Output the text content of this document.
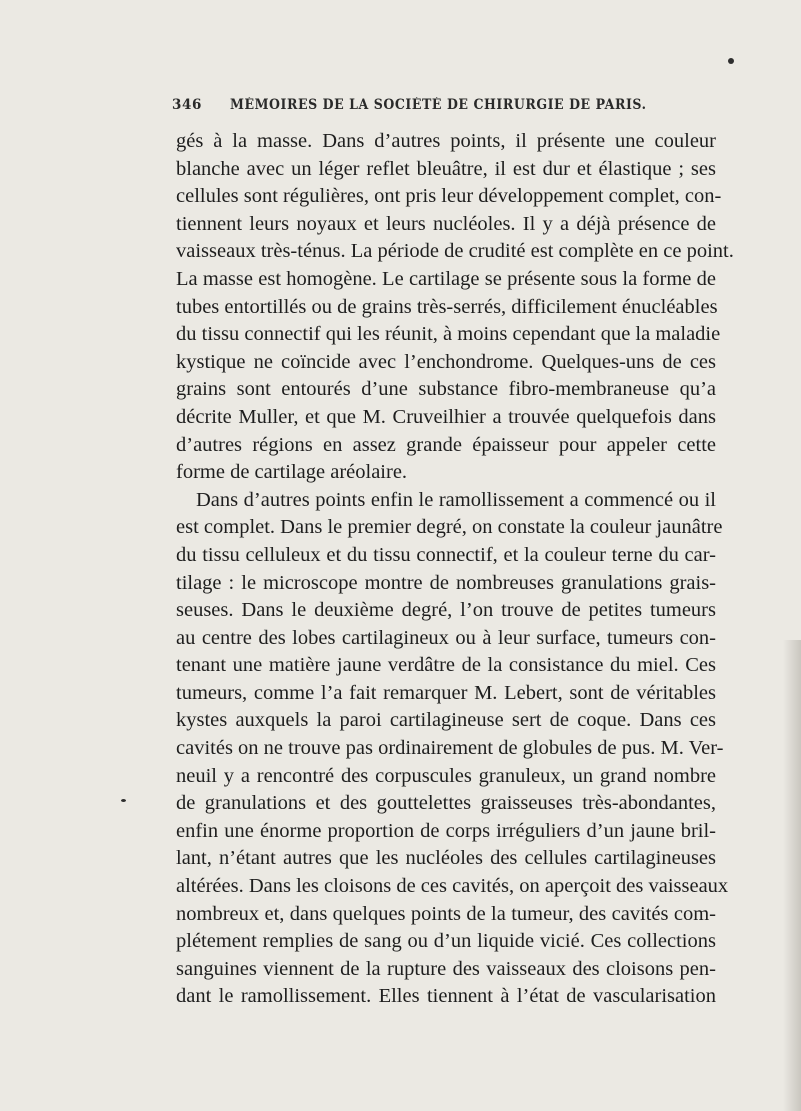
346 MÉMOIRES DE LA SOCIÉTÉ DE CHIRURGIE DE PARIS.
gés à la masse. Dans d’autres points, il présente une couleur
blanche avec un léger reflet bleuâtre, il est dur et élastique ; ses
cellules sont régulières, ont pris leur développement complet, con-
tiennent leurs noyaux et leurs nucléoles. Il y a déjà présence de
vaisseaux très-ténus. La période de crudité est complète en ce point.
La masse est homogène. Le cartilage se présente sous la forme de
tubes entortillés ou de grains très-serrés, difficilement énucléables
du tissu connectif qui les réunit, à moins cependant que la maladie
kystique ne coïncide avec l’enchondrome. Quelques-uns de ces
grains sont entourés d’une substance fibro-membraneuse qu’a
décrite Muller, et que M. Cruveilhier a trouvée quelquefois dans
d’autres régions en assez grande épaisseur pour appeler cette
forme de cartilage aréolaire.
Dans d’autres points enfin le ramollissement a commencé ou il
est complet. Dans le premier degré, on constate la couleur jaunâtre
du tissu celluleux et du tissu connectif, et la couleur terne du car-
tilage : le microscope montre de nombreuses granulations grais-
seuses. Dans le deuxième degré, l’on trouve de petites tumeurs
au centre des lobes cartilagineux ou à leur surface, tumeurs con-
tenant une matière jaune verdâtre de la consistance du miel. Ces
tumeurs, comme l’a fait remarquer M. Lebert, sont de véritables
kystes auxquels la paroi cartilagineuse sert de coque. Dans ces
cavités on ne trouve pas ordinairement de globules de pus. M. Ver-
neuil y a rencontré des corpuscules granuleux, un grand nombre
de granulations et des gouttelettes graisseuses très-abondantes,
enfin une énorme proportion de corps irréguliers d’un jaune bril-
lant, n’étant autres que les nucléoles des cellules cartilagineuses
altérées. Dans les cloisons de ces cavités, on aperçoit des vaisseaux
nombreux et, dans quelques points de la tumeur, des cavités com-
plétement remplies de sang ou d’un liquide vicié. Ces collections
sanguines viennent de la rupture des vaisseaux des cloisons pen-
dant le ramollissement. Elles tiennent à l’état de vascularisation
